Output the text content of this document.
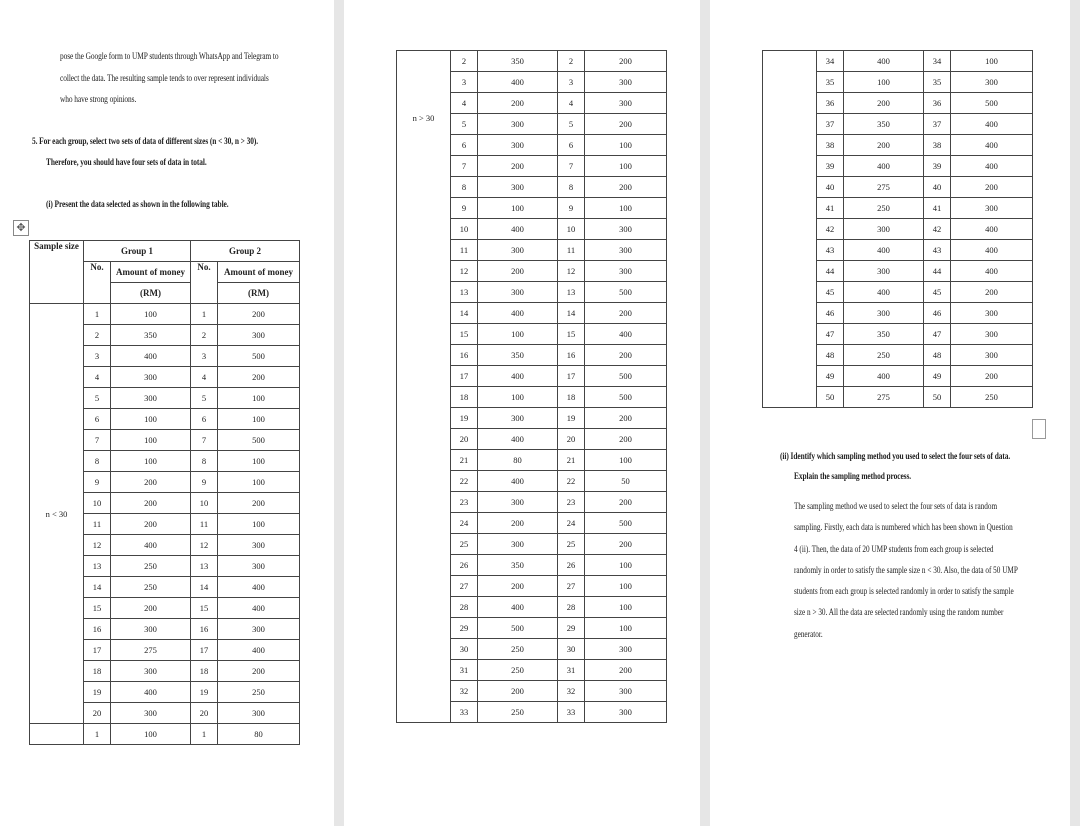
pose the Google form to UMP students through WhatsApp and Telegram to
collect the data. The resulting sample tends to over represent individuals
who have strong opinions.
5. For each group, select two sets of data of different sizes (n < 30, n > 30).
Therefore, you should have four sets of data in total.
(i) Present the data selected as shown in the following table.
✥
Sample size	Group 1		Group 2	
	No.	Amount of money	No.	Amount of money
		(RM)		(RM)
n < 30	1	100	1	200
	2	350	2	300
	3	400	3	500
	4	300	4	200
	5	300	5	100
	6	100	6	100
	7	100	7	500
	8	100	8	100
	9	200	9	100
	10	200	10	200
	11	200	11	100
	12	400	12	300
	13	250	13	300
	14	250	14	400
	15	200	15	400
	16	300	16	300
	17	275	17	400
	18	300	18	200
	19	400	19	250
	20	300	20	300
	1	100	1	80
n > 30	2	350	2	200
	3	400	3	300
	4	200	4	300
	5	300	5	200
	6	300	6	100
	7	200	7	100
	8	300	8	200
	9	100	9	100
	10	400	10	300
	11	300	11	300
	12	200	12	300
	13	300	13	500
	14	400	14	200
	15	100	15	400
	16	350	16	200
	17	400	17	500
	18	100	18	500
	19	300	19	200
	20	400	20	200
	21	80	21	100
	22	400	22	50
	23	300	23	200
	24	200	24	500
	25	300	25	200
	26	350	26	100
	27	200	27	100
	28	400	28	100
	29	500	29	100
	30	250	30	300
	31	250	31	200
	32	200	32	300
	33	250	33	300
	34	400	34	100
	35	100	35	300
	36	200	36	500
	37	350	37	400
	38	200	38	400
	39	400	39	400
	40	275	40	200
	41	250	41	300
	42	300	42	400
	43	400	43	400
	44	300	44	400
	45	400	45	200
	46	300	46	300
	47	350	47	300
	48	250	48	300
	49	400	49	200
	50	275	50	250
(ii) Identify which sampling method you used to select the four sets of data.
Explain the sampling method process.
The sampling method we used to select the four sets of data is random
sampling. Firstly, each data is numbered which has been shown in Question
4 (ii). Then, the data of 20 UMP students from each group is selected
randomly in order to satisfy the sample size n < 30. Also, the data of 50 UMP
students from each group is selected randomly in order to satisfy the sample
size n > 30. All the data are selected randomly using the random number
generator.
